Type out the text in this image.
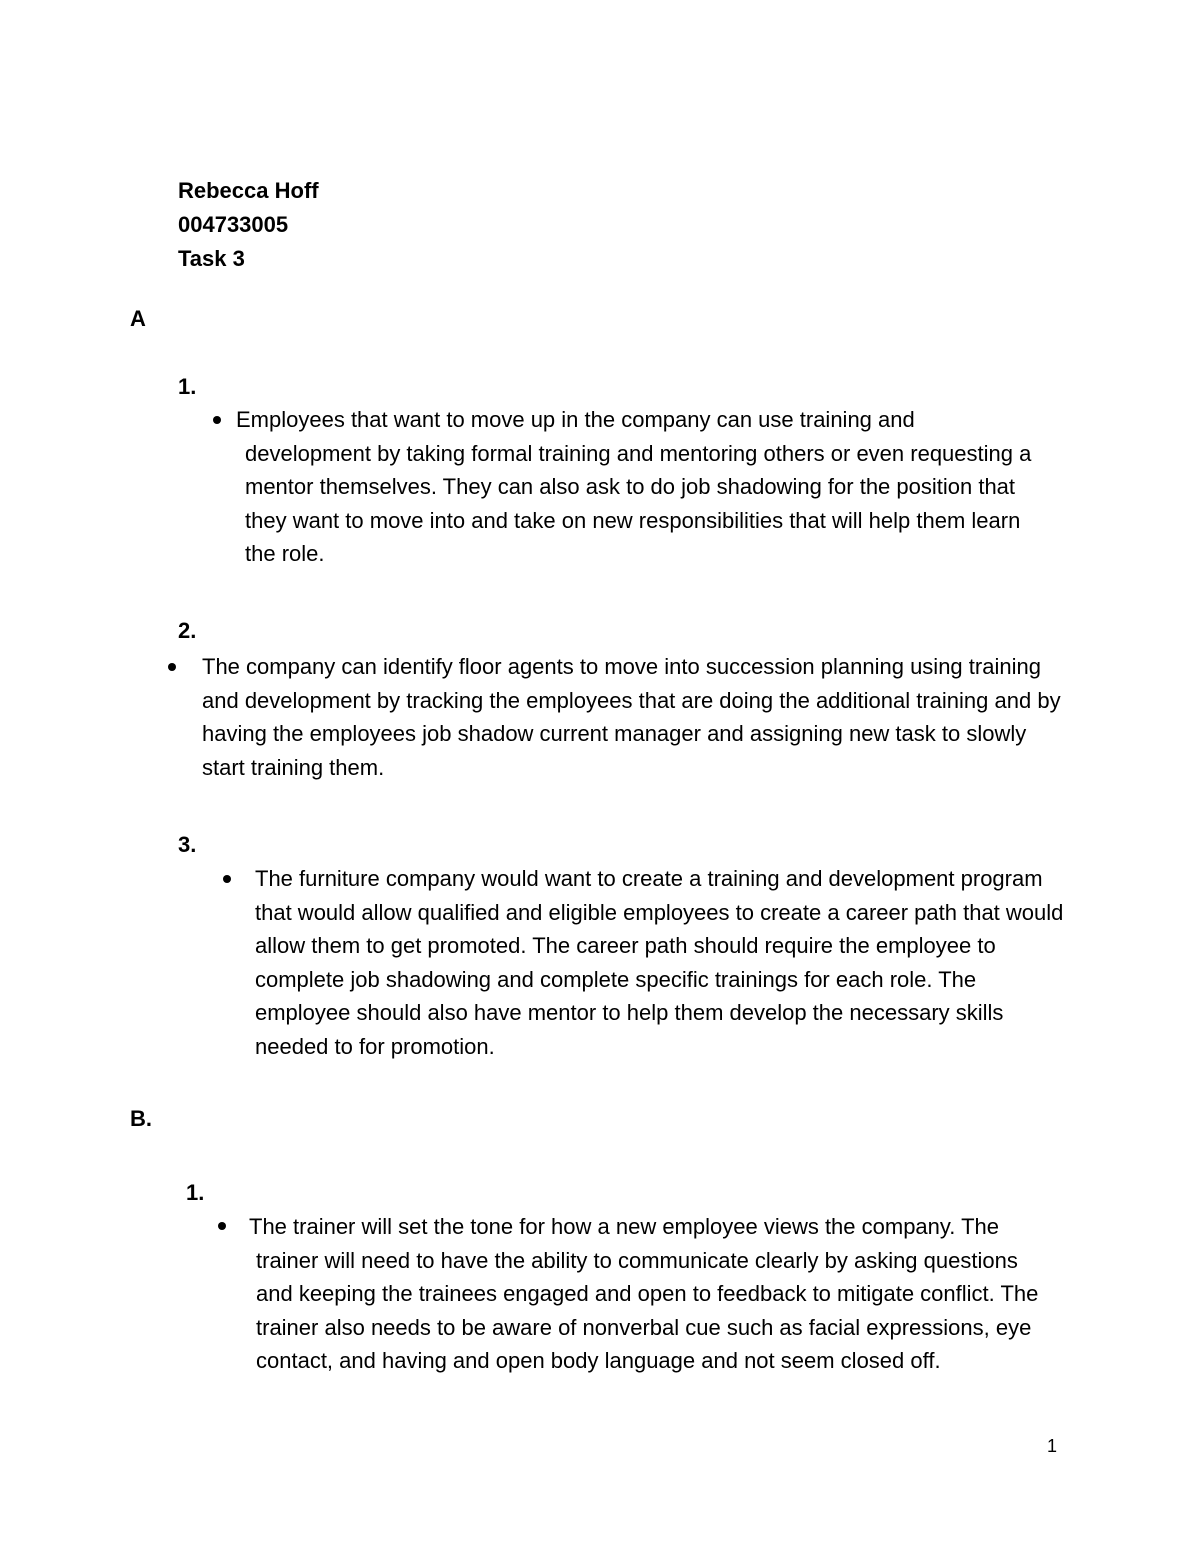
Rebecca Hoff
004733005
Task 3
A
1.
Employees that want to move up in the company can use training and development by taking formal training and mentoring others or even requesting a mentor themselves. They can also ask to do job shadowing for the position that they want to move into and take on new responsibilities that will help them learn the role.
2.
The company can identify floor agents to move into succession planning using training and development by tracking the employees that are doing the additional training and by having the employees job shadow current manager and assigning new task to slowly start training them.
3.
The furniture company would want to create a training and development program that would allow qualified and eligible employees to create a career path that would allow them to get promoted. The career path should require the employee to complete job shadowing and complete specific trainings for each role. The employee should also have mentor to help them develop the necessary skills needed to for promotion.
B.
1.
The trainer will set the tone for how a new employee views the company. The trainer will need to have the ability to communicate clearly by asking questions and keeping the trainees engaged and open to feedback to mitigate conflict. The trainer also needs to be aware of nonverbal cue such as facial expressions, eye contact, and having and open body language and not seem closed off.
1
